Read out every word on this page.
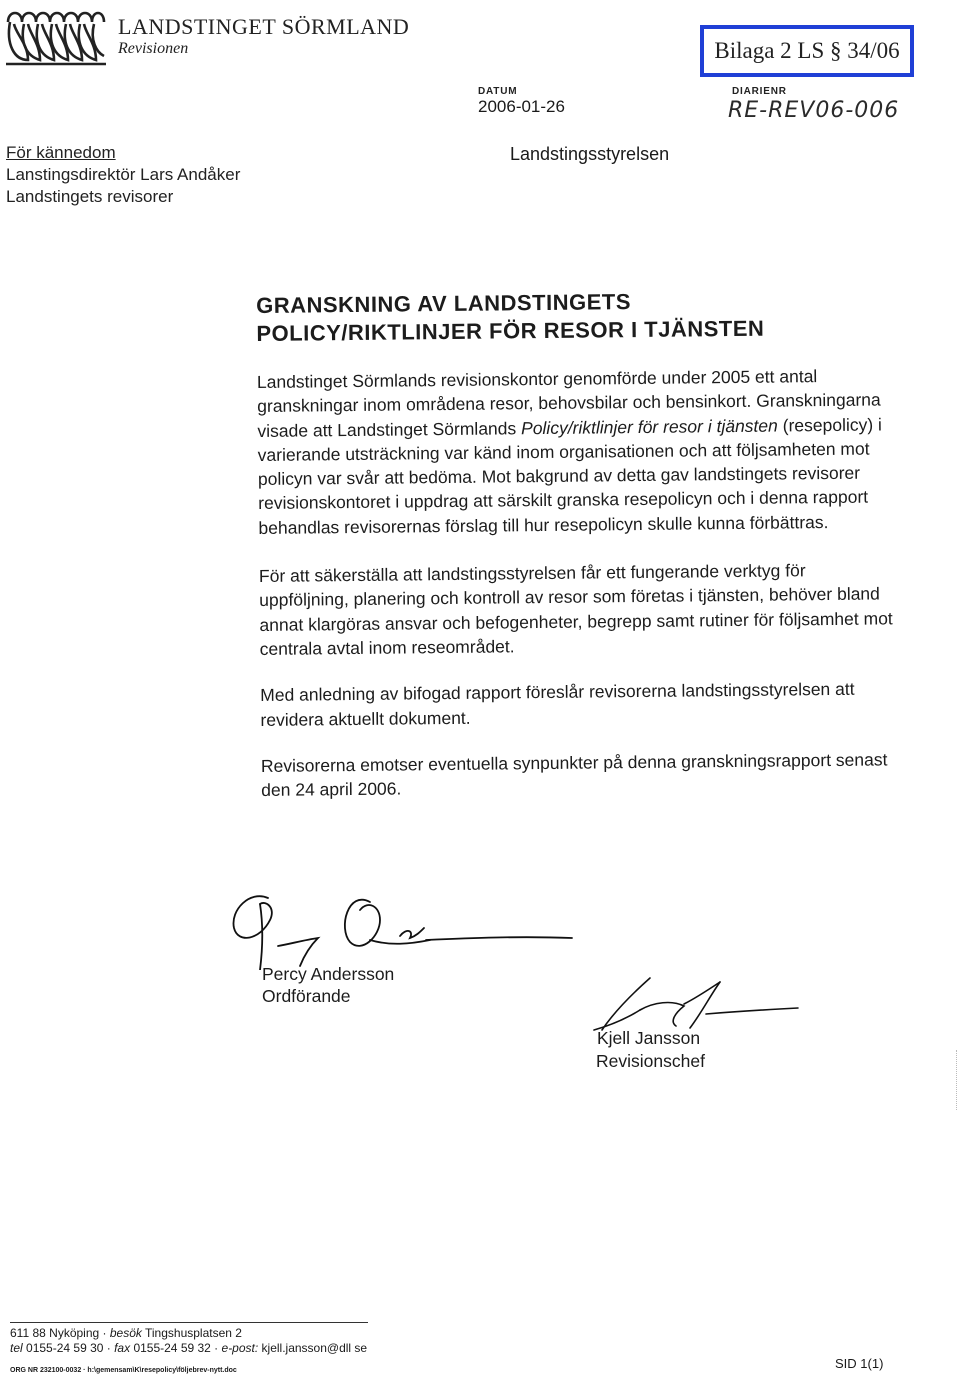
LANDSTINGET SÖRMLAND
Revisionen	Bilaga 2 LS § 34/06
DATUM
2006-01-26
DIARIENR
RE-REV06-006
För kännedom
Lanstingsdirektör Lars Andåker
Landstingets revisorer
Landstingsstyrelsen
GRANSKNING AV LANDSTINGETS
POLICY/RIKTLINJER FÖR RESOR I TJÄNSTEN

Landstinget Sörmlands revisionskontor genomförde under 2005 ett antal granskningar inom områdena resor, behovsbilar och bensinkort. Granskningarna visade att Landstinget Sörmlands Policy/riktlinjer för resor i tjänsten (resepolicy) i varierande utsträckning var känd inom organisationen och att följsamheten mot policyn var svår att bedöma. Mot bakgrund av detta gav landstingets revisorer revisionskontoret i uppdrag att särskilt granska resepolicyn och i denna rapport behandlas revisorernas förslag till hur resepolicyn skulle kunna förbättras.

För att säkerställa att landstingsstyrelsen får ett fungerande verktyg för uppföljning, planering och kontroll av resor som företas i tjänsten, behöver bland annat klargöras ansvar och befogenheter, begrepp samt rutiner för följsamhet mot centrala avtal inom reseområdet.

Med anledning av bifogad rapport föreslår revisorerna landstingsstyrelsen att revidera aktuellt dokument.

Revisorerna emotser eventuella synpunkter på denna granskningsrapport senast den 24 april 2006.

Percy Andersson
Ordförande
Kjell Jansson
Revisionschef
611 88 Nyköping · besök Tingshusplatsen 2
tel 0155-24 59 30 · fax 0155-24 59 32 · e-post: kjell.jansson@dll se
ORG NR 232100-0032 · h:\gemensam\K\resepolicy\följebrev-nytt.doc	SID 1(1)
